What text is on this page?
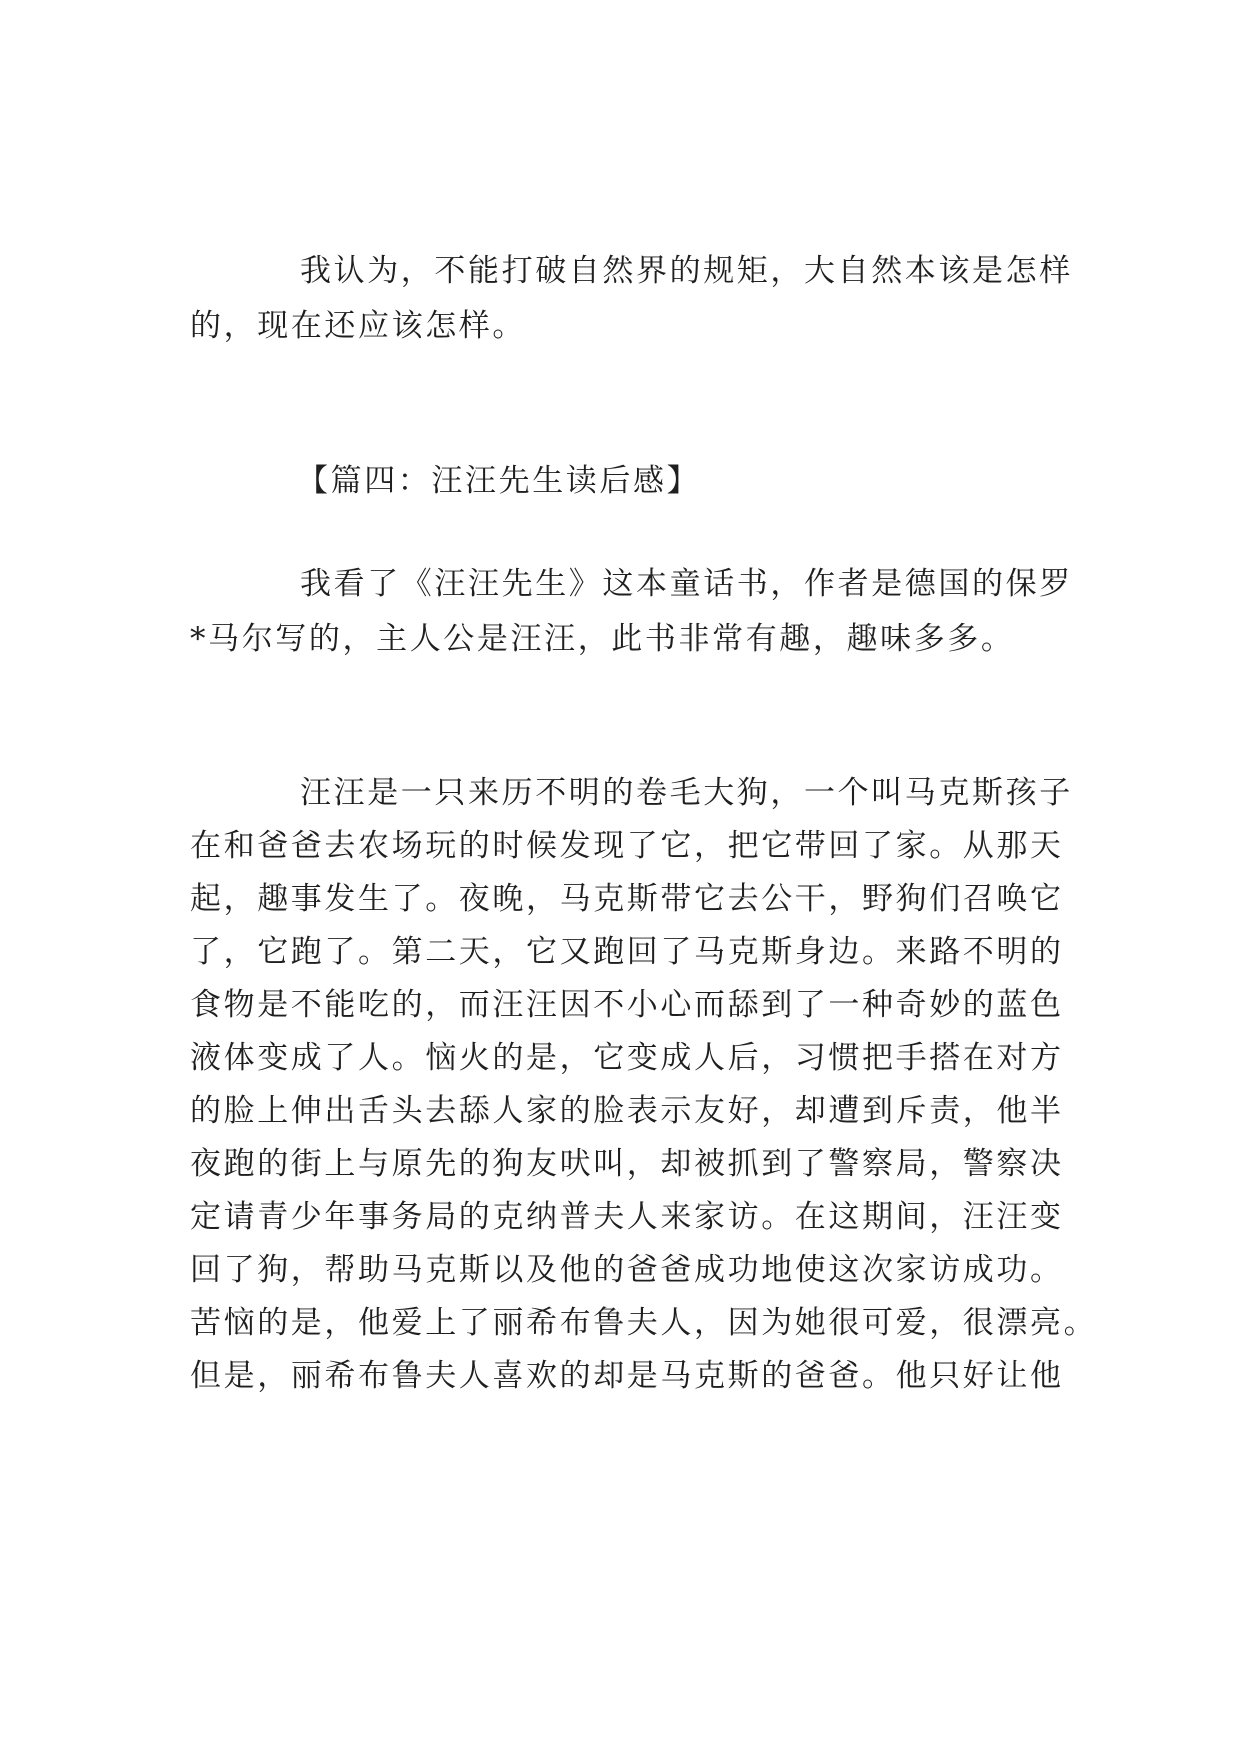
我认为，不能打破自然界的规矩，大自然本该是怎样
的，现在还应该怎样。
【篇四：汪汪先生读后感】
我看了《汪汪先生》这本童话书，作者是德国的保罗
*马尔写的，主人公是汪汪，此书非常有趣，趣味多多。
汪汪是一只来历不明的卷毛大狗，一个叫马克斯孩子
在和爸爸去农场玩的时候发现了它，把它带回了家。从那天
起，趣事发生了。夜晚，马克斯带它去公干，野狗们召唤它
了，它跑了。第二天，它又跑回了马克斯身边。来路不明的
食物是不能吃的，而汪汪因不小心而舔到了一种奇妙的蓝色
液体变成了人。恼火的是，它变成人后，习惯把手搭在对方
的脸上伸出舌头去舔人家的脸表示友好，却遭到斥责，他半
夜跑的街上与原先的狗友吠叫，却被抓到了警察局，警察决
定请青少年事务局的克纳普夫人来家访。在这期间，汪汪变
回了狗，帮助马克斯以及他的爸爸成功地使这次家访成功。
苦恼的是，他爱上了丽希布鲁夫人，因为她很可爱，很漂亮。
但是，丽希布鲁夫人喜欢的却是马克斯的爸爸。他只好让他
